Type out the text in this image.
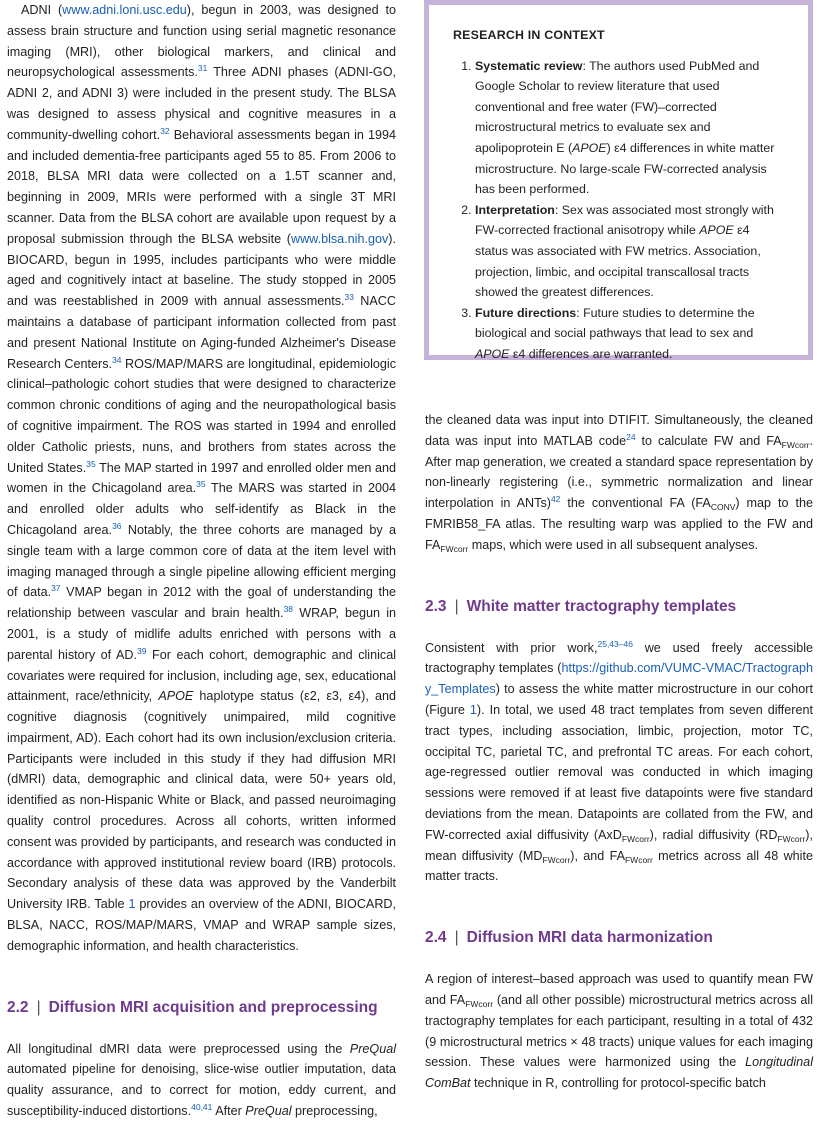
ADNI (www.adni.loni.usc.edu), begun in 2003, was designed to assess brain structure and function using serial magnetic resonance imaging (MRI), other biological markers, and clinical and neuropsychological assessments.$^{31}$ Three ADNI phases (ADNI-GO, ADNI 2, and ADNI 3) were included in the present study. The BLSA was designed to assess physical and cognitive measures in a community-dwelling cohort.$^{32}$ Behavioral assessments began in 1994 and included dementia-free participants aged 55 to 85. From 2006 to 2018, BLSA MRI data were collected on a 1.5T scanner and, beginning in 2009, MRIs were performed with a single 3T MRI scanner. Data from the BLSA cohort are available upon request by a proposal submission through the BLSA website (www.blsa.nih.gov). BIOCARD, begun in 1995, includes participants who were middle aged and cognitively intact at baseline. The study stopped in 2005 and was reestablished in 2009 with annual assessments.$^{33}$ NACC maintains a database of participant information collected from past and present National Institute on Aging-funded Alzheimer's Disease Research Centers.$^{34}$ ROS/MAP/MARS are longitudinal, epidemiologic clinical–pathologic cohort studies that were designed to characterize common chronic conditions of aging and the neuropathological basis of cognitive impairment. The ROS was started in 1994 and enrolled older Catholic priests, nuns, and brothers from states across the United States.$^{35}$ The MAP started in 1997 and enrolled older men and women in the Chicagoland area.$^{35}$ The MARS was started in 2004 and enrolled older adults who self-identify as Black in the Chicagoland area.$^{36}$ Notably, the three cohorts are managed by a single team with a large common core of data at the item level with imaging managed through a single pipeline allowing efficient merging of data.$^{37}$ VMAP began in 2012 with the goal of understanding the relationship between vascular and brain health.$^{38}$ WRAP, begun in 2001, is a study of midlife adults enriched with persons with a parental history of AD.$^{39}$ For each cohort, demographic and clinical covariates were required for inclusion, including age, sex, educational attainment, race/ethnicity, APOE haplotype status (ε2, ε3, ε4), and cognitive diagnosis (cognitively unimpaired, mild cognitive impairment, AD). Each cohort had its own inclusion/exclusion criteria. Participants were included in this study if they had diffusion MRI (dMRI) data, demographic and clinical data, were 50+ years old, identified as non-Hispanic White or Black, and passed neuroimaging quality control procedures. Across all cohorts, written informed consent was provided by participants, and research was conducted in accordance with approved institutional review board (IRB) protocols. Secondary analysis of these data was approved by the Vanderbilt University IRB. Table 1 provides an overview of the ADNI, BIOCARD, BLSA, NACC, ROS/MAP/MARS, VMAP and WRAP sample sizes, demographic information, and health characteristics.

2.2 | Diffusion MRI acquisition and preprocessing

All longitudinal dMRI data were preprocessed using the PreQual automated pipeline for denoising, slice-wise outlier imputation, data quality assurance, and to correct for motion, eddy current, and susceptibility-induced distortions.$^{40,41}$ After PreQual preprocessing,

RESEARCH IN CONTEXT
1. Systematic review: The authors used PubMed and Google Scholar to review literature that used conventional and free water (FW)–corrected microstructural metrics to evaluate sex and apolipoprotein E (APOE) ε4 differences in white matter microstructure. No large-scale FW-corrected analysis has been performed.
2. Interpretation: Sex was associated most strongly with FW-corrected fractional anisotropy while APOE ε4 status was associated with FW metrics. Association, projection, limbic, and occipital transcallosal tracts showed the greatest differences.
3. Future directions: Future studies to determine the biological and social pathways that lead to sex and APOE ε4 differences are warranted.

the cleaned data was input into DTIFIT. Simultaneously, the cleaned data was input into MATLAB code$^{24}$ to calculate FW and $FA_{FWcorr}$. After map generation, we created a standard space representation by non-linearly registering (i.e., symmetric normalization and linear interpolation in ANTs)$^{42}$ the conventional FA $(FA_{CONV})$ map to the FMRIB58_FA atlas. The resulting warp was applied to the FW and $FA_{FWcorr}$ maps, which were used in all subsequent analyses.

2.3 | White matter tractography templates

Consistent with prior work,$^{25,43-46}$ we used freely accessible tractography templates (https://github.com/VUMC-VMAC/Tractography_Templates) to assess the white matter microstructure in our cohort (Figure 1). In total, we used 48 tract templates from seven different tract types, including association, limbic, projection, motor TC, occipital TC, parietal TC, and prefrontal TC areas. For each cohort, age-regressed outlier removal was conducted in which imaging sessions were removed if at least five datapoints were five standard deviations from the mean. Datapoints are collated from the FW, and FW-corrected axial diffusivity (AxD$_{FWcorr}$), radial diffusivity $(RD_{FWcorr})$, mean diffusivity $(MD_{FWcorr})$, and $FA_{FWcorr}$ metrics across all 48 white matter tracts.

2.4 | Diffusion MRI data harmonization

A region of interest–based approach was used to quantify mean FW and $FA_{FWcorr}$ (and all other possible) microstructural metrics across all tractography templates for each participant, resulting in a total of 432 (9 microstructural metrics × 48 tracts) unique values for each imaging session. These values were harmonized using the Longitudinal ComBat technique in R, controlling for protocol-specific batch
